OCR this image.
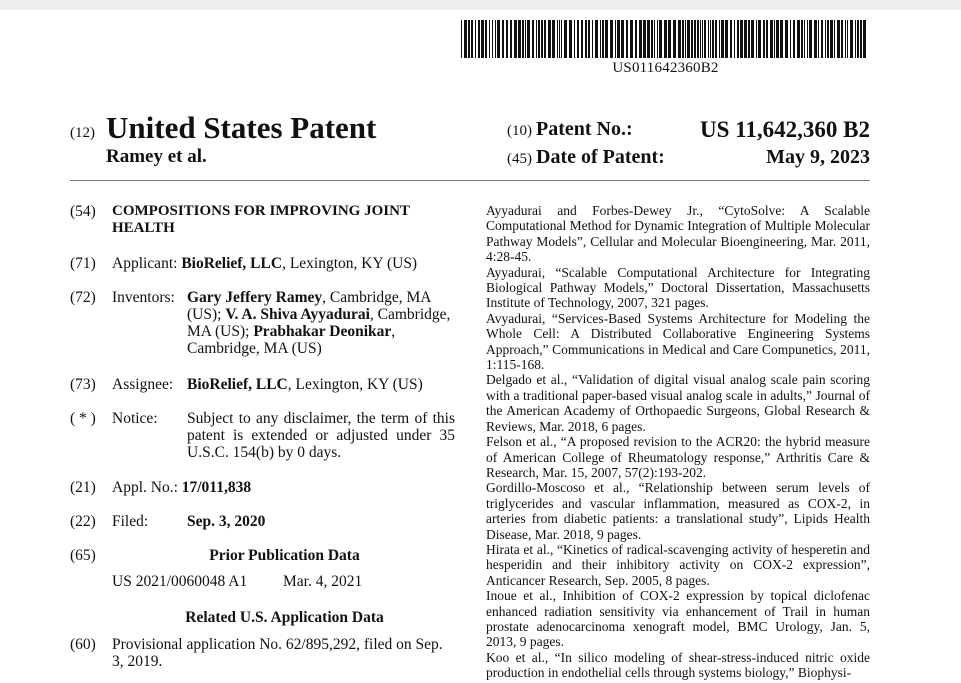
US011642360B2
(12) United States Patent
Ramey et al.
(10) Patent No.:	US 11,642,360 B2
(45) Date of Patent:	May 9, 2023
(54) COMPOSITIONS FOR IMPROVING JOINT
HEALTH
(71) Applicant: BioRelief, LLC, Lexington, KY (US)
(72) Inventors: Gary Jeffery Ramey, Cambridge, MA (US); V. A. Shiva Ayyadurai, Cambridge, MA (US); Prabhakar Deonikar, Cambridge, MA (US)
(73) Assignee: BioRelief, LLC, Lexington, KY (US)
( * ) Notice: Subject to any disclaimer, the term of this patent is extended or adjusted under 35 U.S.C. 154(b) by 0 days.
(21) Appl. No.: 17/011,838
(22) Filed:	Sep. 3, 2020
(65)	Prior Publication Data
US 2021/0060048 A1 Mar. 4, 2021
Related U.S. Application Data
(60) Provisional application No. 62/895,292, filed on Sep. 3, 2019.
Ayyadurai and Forbes-Dewey Jr., “CytoSolve: A Scalable Computational Method for Dynamic Integration of Multiple Molecular Pathway Models”, Cellular and Molecular Bioengineering, Mar. 2011, 4:28-45.
Ayyadurai, “Scalable Computational Architecture for Integrating Biological Pathway Models,” Doctoral Dissertation, Massachusetts Institute of Technology, 2007, 321 pages.
Avyadurai, “Services-Based Systems Architecture for Modeling the Whole Cell: A Distributed Collaborative Engineering Systems Approach,” Communications in Medical and Care Compunetics, 2011, 1:115-168.
Delgado et al., “Validation of digital visual analog scale pain scoring with a traditional paper-based visual analog scale in adults,” Journal of the American Academy of Orthopaedic Surgeons, Global Research & Reviews, Mar. 2018, 6 pages.
Felson et al., “A proposed revision to the ACR20: the hybrid measure of American College of Rheumatology response,” Arthritis Care & Research, Mar. 15, 2007, 57(2):193-202.
Gordillo-Moscoso et al., “Relationship between serum levels of triglycerides and vascular inflammation, measured as COX-2, in arteries from diabetic patients: a translational study”, Lipids Health Disease, Mar. 2018, 9 pages.
Hirata et al., “Kinetics of radical-scavenging activity of hesperetin and hesperidin and their inhibitory activity on COX-2 expression”, Anticancer Research, Sep. 2005, 8 pages.
Inoue et al., Inhibition of COX-2 expression by topical diclofenac enhanced radiation sensitivity via enhancement of Trail in human prostate adenocarcinoma xenograft model, BMC Urology, Jan. 5, 2013, 9 pages.
Koo et al., “In silico modeling of shear-stress-induced nitric oxide production in endothelial cells through systems biology,” Biophysi-
